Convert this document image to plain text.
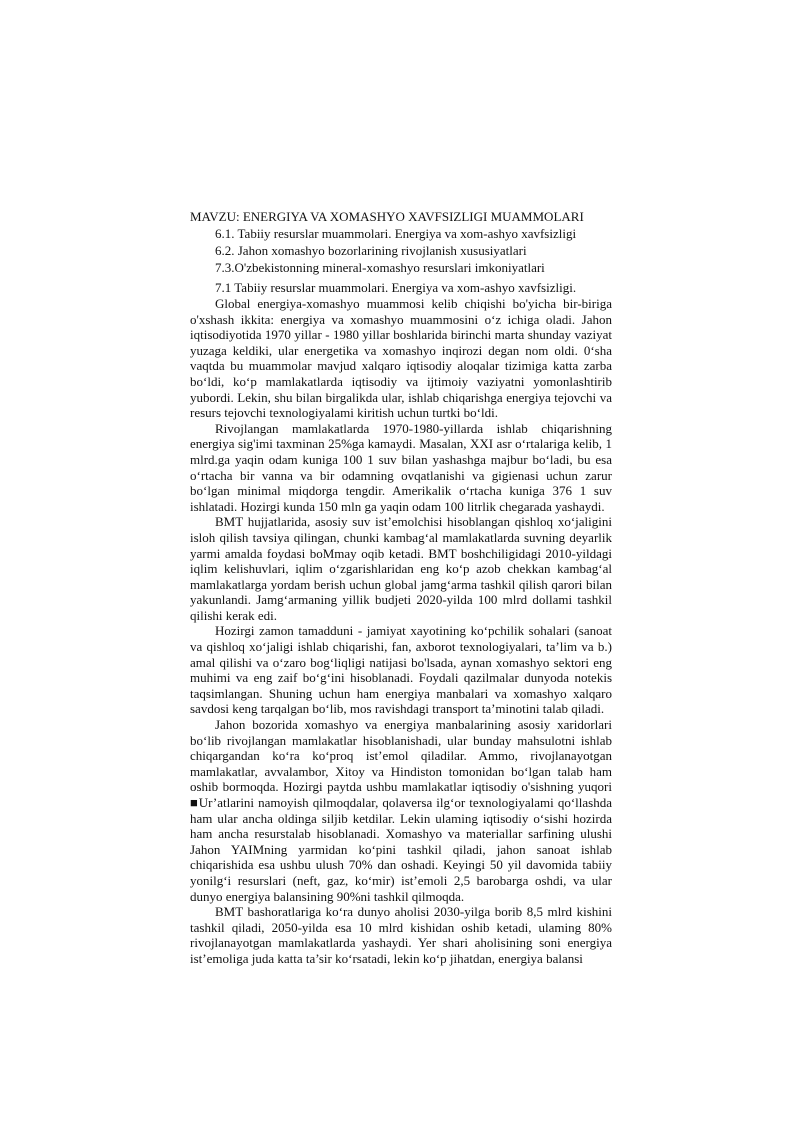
MAVZU: ENERGIYA VA XOMASHYO XAVFSIZLIGI MUAMMOLARI
6.1. Tabiiy resurslar muammolari. Energiya va xom-ashyo xavfsizligi
6.2. Jahon xomashyo bozorlarining rivojlanish xususiyatlari
7.3.O'zbekistonning mineral-xomashyo resurslari imkoniyatlari
7.1 Tabiiy resurslar muammolari. Energiya va xom-ashyo xavfsizligi.

Global energiya-xomashyo muammosi kelib chiqishi bo'yicha bir-biriga o'xshash ikkita: energiya va xomashyo muammosini o‘z ichiga oladi. Jahon iqtisodiyotida 1970 yillar - 1980 yillar boshlarida birinchi marta shunday vaziyat yuzaga keldiki, ular energetika va xomashyo inqirozi degan nom oldi. 0‘sha vaqtda bu muammolar mavjud xalqaro iqtisodiy aloqalar tizimiga katta zarba bo‘ldi, ko‘p mamlakatlarda iqtisodiy va ijtimoiy vaziyatni yomonlashtirib yubordi. Lekin, shu bilan birgalikda ular, ishlab chiqarishga energiya tejovchi va resurs tejovchi texnologiyalami kiritish uchun turtki bo‘ldi.

Rivojlangan mamlakatlarda 1970-1980-yillarda ishlab chiqarishning energiya sig'imi taxminan 25%ga kamaydi. Masalan, XXI asr o‘rtalariga kelib, 1 mlrd.ga yaqin odam kuniga 100 1 suv bilan yashashga majbur bo‘ladi, bu esa o‘rtacha bir vanna va bir odamning ovqatlanishi va gigienasi uchun zarur bo‘lgan minimal miqdorga tengdir. Amerikalik o‘rtacha kuniga 376 1 suv ishlatadi. Hozirgi kunda 150 mln ga yaqin odam 100 litrlik chegarada yashaydi.

BMT hujjatlarida, asosiy suv ist’emolchisi hisoblangan qishloq xo‘jaligini isloh qilish tavsiya qilingan, chunki kambag‘al mamlakatlarda suvning deyarlik yarmi amalda foydasi boMmay oqib ketadi. BMT boshchiligidagi 2010-yildagi iqlim kelishuvlari, iqlim o‘zgarishlaridan eng ko‘p azob chekkan kambag‘al mamlakatlarga yordam berish uchun global jamg‘arma tashkil qilish qarori bilan yakunlandi. Jamg‘armaning yillik budjeti 2020-yilda 100 mlrd dollami tashkil qilishi kerak edi.

Hozirgi zamon tamadduni - jamiyat xayotining ko‘pchilik sohalari (sanoat va qishloq xo‘jaligi ishlab chiqarishi, fan, axborot texnologiyalari, ta’lim va b.) amal qilishi va o‘zaro bog‘liqligi natijasi bo'lsada, aynan xomashyo sektori eng muhimi va eng zaif bo‘g‘ini hisoblanadi. Foydali qazilmalar dunyoda notekis taqsimlangan. Shuning uchun ham energiya manbalari va xomashyo xalqaro savdosi keng tarqalgan bo‘lib, mos ravishdagi transport ta’minotini talab qiladi.

Jahon bozorida xomashyo va energiya manbalarining asosiy xaridorlari bo‘lib rivojlangan mamlakatlar hisoblanishadi, ular bunday mahsulotni ishlab chiqargandan ko‘ra ko‘proq ist’emol qiladilar. Ammo, rivojlanayotgan mamlakatlar, avvalambor, Xitoy va Hindiston tomonidan bo‘lgan talab ham oshib bormoqda. Hozirgi paytda ushbu mamlakatlar iqtisodiy o'sishning yuqori ■Ur’atlarini namoyish qilmoqdalar, qolaversa ilg‘or texnologiyalami qo‘llashda ham ular ancha oldinga siljib ketdilar. Lekin ulaming iqtisodiy o‘sishi hozirda ham ancha resurstalab hisoblanadi. Xomashyo va materiallar sarfining ulushi Jahon YAIMning yarmidan ko‘pini tashkil qiladi, jahon sanoat ishlab chiqarishida esa ushbu ulush 70% dan oshadi. Keyingi 50 yil davomida tabiiy yonilg‘i resurslari (neft, gaz, ko‘mir) ist’emoli 2,5 barobarga oshdi, va ular dunyo energiya balansining 90%ni tashkil qilmoqda.

BMT bashoratlariga ko‘ra dunyo aholisi 2030-yilga borib 8,5 mlrd kishini tashkil qiladi, 2050-yilda esa 10 mlrd kishidan oshib ketadi, ulaming 80% rivojlanayotgan mamlakatlarda yashaydi. Yer shari aholisining soni energiya ist’emoliga juda katta ta’sir ko‘rsatadi, lekin ko‘p jihatdan, energiya balansi
